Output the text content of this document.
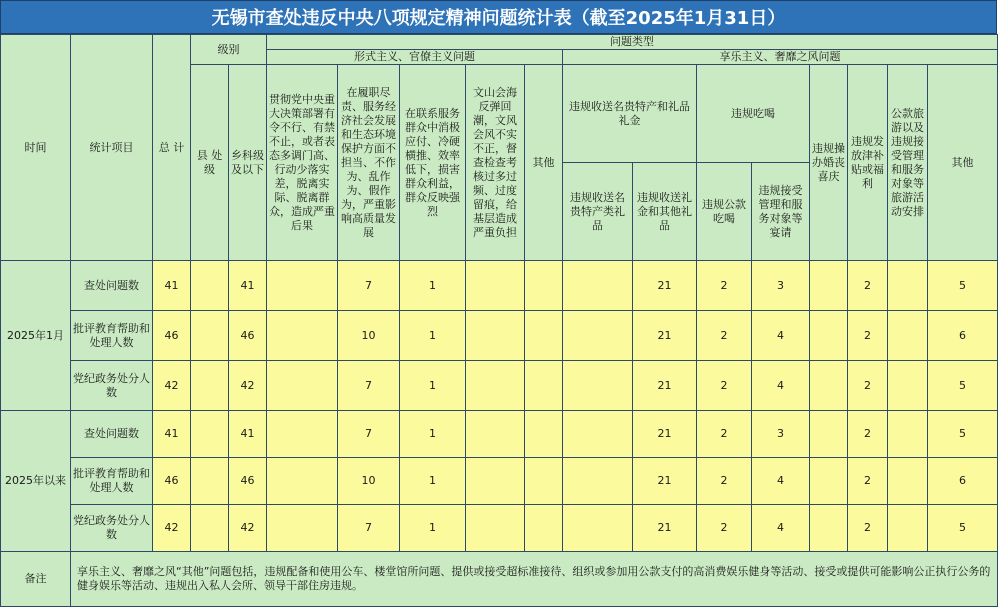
无锡市查处违反中央八项规定精神问题统计表（截至2025年1月31日）
时间	统计项目	总 计	级别		问题类型												
					形式主义、官僚主义问题					享乐主义、奢靡之风问题							
			县 处级	乡科级及以下	贯彻党中央重大决策部署有令不行、有禁不止，或者表态多调门高、行动少落实差，脱离实际、脱离群众，造成严重后果	在履职尽责、服务经济社会发展和生态环境保护方面不担当、不作为、乱作为、假作为，严重影响高质量发展	在联系服务群众中消极应付、冷硬横推、效率低下，损害群众利益，群众反映强烈	文山会海反弹回潮，文风会风不实不正，督查检查考核过多过频、过度留痕，给基层造成严重负担	其他	违规收送名贵特产和礼品礼金		违规吃喝		违规操办婚丧喜庆	违规发放津补贴或福利	公款旅游以及违规接受管理和服务对象等旅游活动安排	其他
										违规收送名贵特产类礼品	违规收送礼金和其他礼品	违规公款吃喝	违规接受管理和服务对象等宴请				
2025年1月	查处问题数	41		41		7	1				21	2	3		2		5
	批评教育帮助和处理人数	46		46		10	1				21	2	4		2		6
	党纪政务处分人数	42		42		7	1				21	2	4		2		5
2025年以来	查处问题数	41		41		7	1				21	2	3		2		5
	批评教育帮助和处理人数	46		46		10	1				21	2	4		2		6
	党纪政务处分人数	42		42		7	1				21	2	4		2		5
备注	享乐主义、奢靡之风“其他”问题包括，违规配备和使用公车、楼堂馆所问题、提供或接受超标准接待、组织或参加用公款支付的高消费娱乐健身等活动、接受或提供可能影响公正执行公务的健身娱乐等活动、违规出入私人会所、领导干部住房违规。																
